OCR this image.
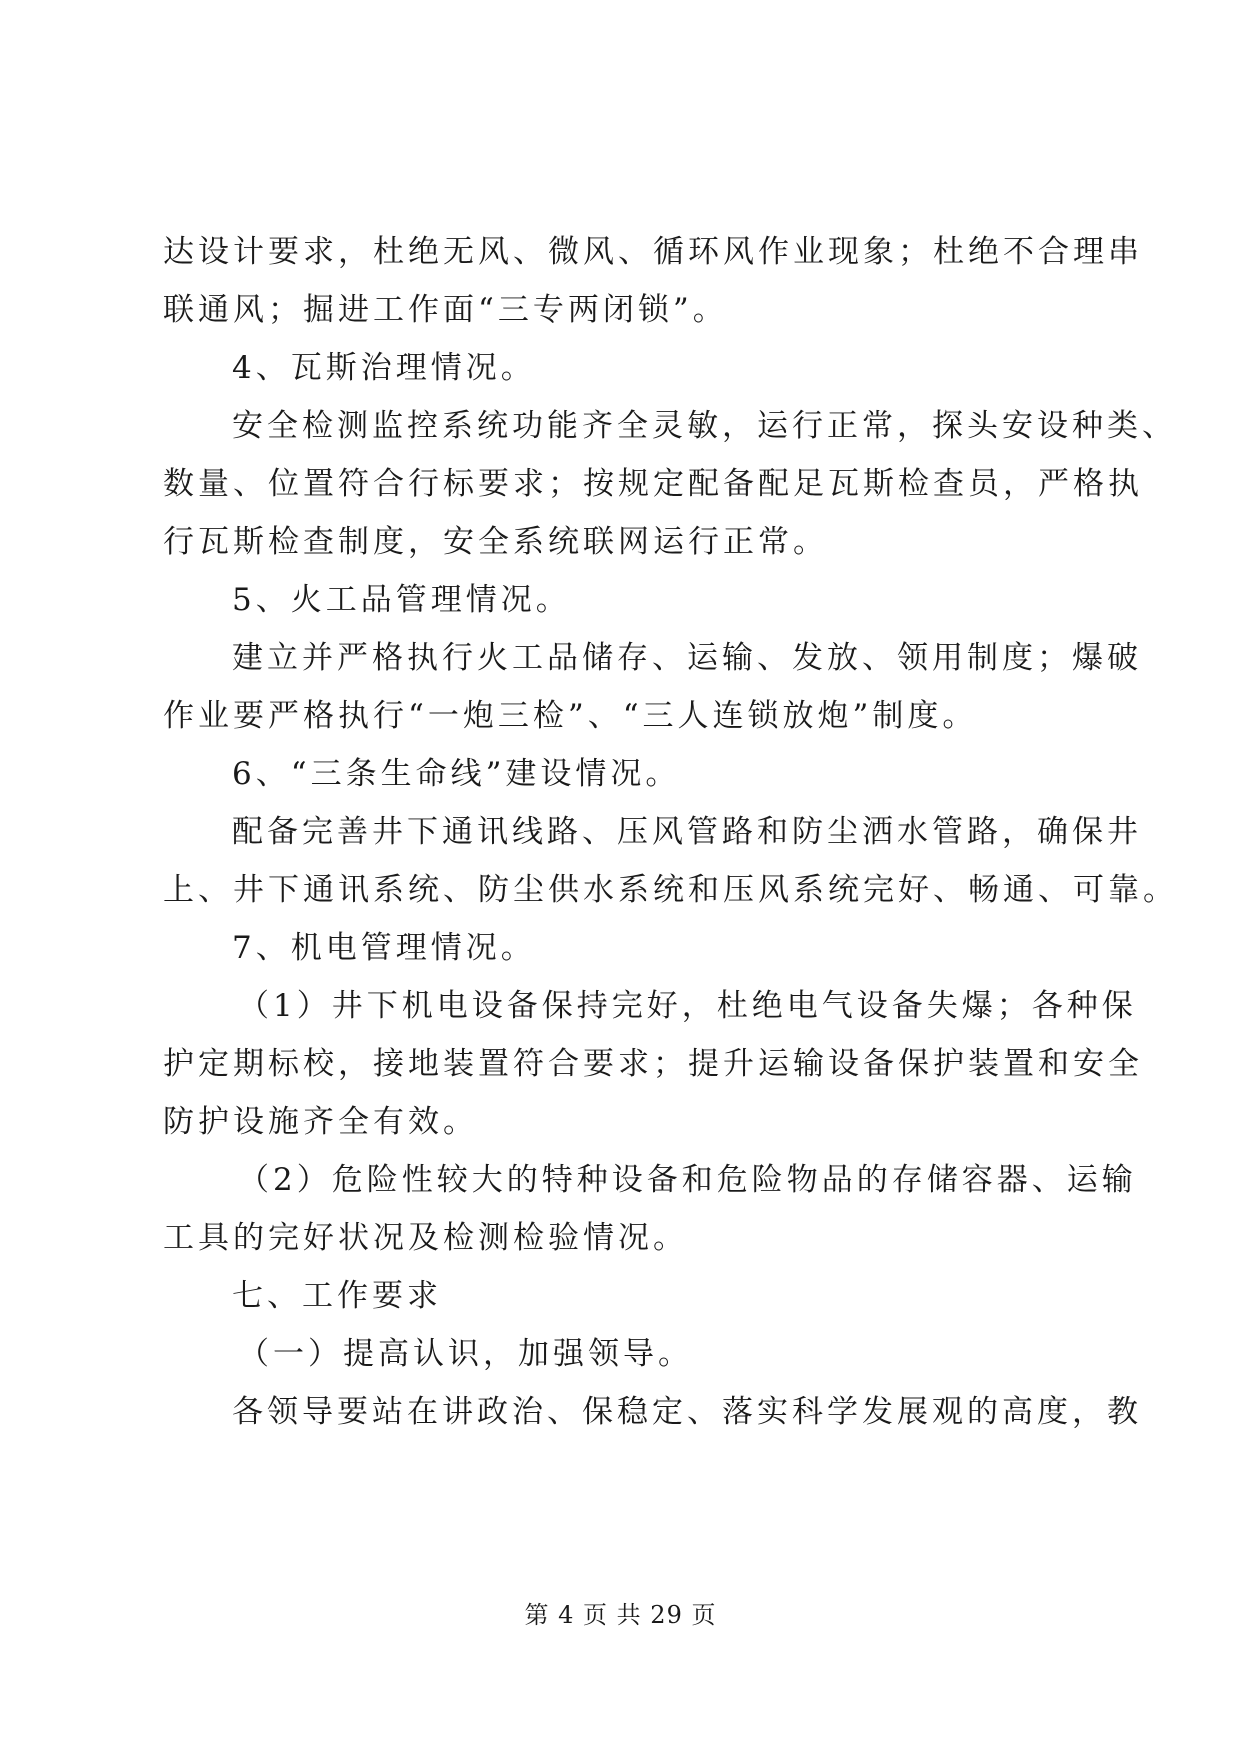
达设计要求，杜绝无风、微风、循环风作业现象；杜绝不合理串
联通风；掘进工作面“三专两闭锁”。
4、瓦斯治理情况。
安全检测监控系统功能齐全灵敏，运行正常，探头安设种类、
数量、位置符合行标要求；按规定配备配足瓦斯检查员，严格执
行瓦斯检查制度，安全系统联网运行正常。
5、火工品管理情况。
建立并严格执行火工品储存、运输、发放、领用制度；爆破
作业要严格执行“一炮三检”、“三人连锁放炮”制度。
6、“三条生命线”建设情况。
配备完善井下通讯线路、压风管路和防尘洒水管路，确保井
上、井下通讯系统、防尘供水系统和压风系统完好、畅通、可靠。
7、机电管理情况。
（1）井下机电设备保持完好，杜绝电气设备失爆；各种保
护定期标校，接地装置符合要求；提升运输设备保护装置和安全
防护设施齐全有效。
（2）危险性较大的特种设备和危险物品的存储容器、运输
工具的完好状况及检测检验情况。
七、工作要求
（一）提高认识，加强领导。
各领导要站在讲政治、保稳定、落实科学发展观的高度，教
第 4 页 共 29 页
